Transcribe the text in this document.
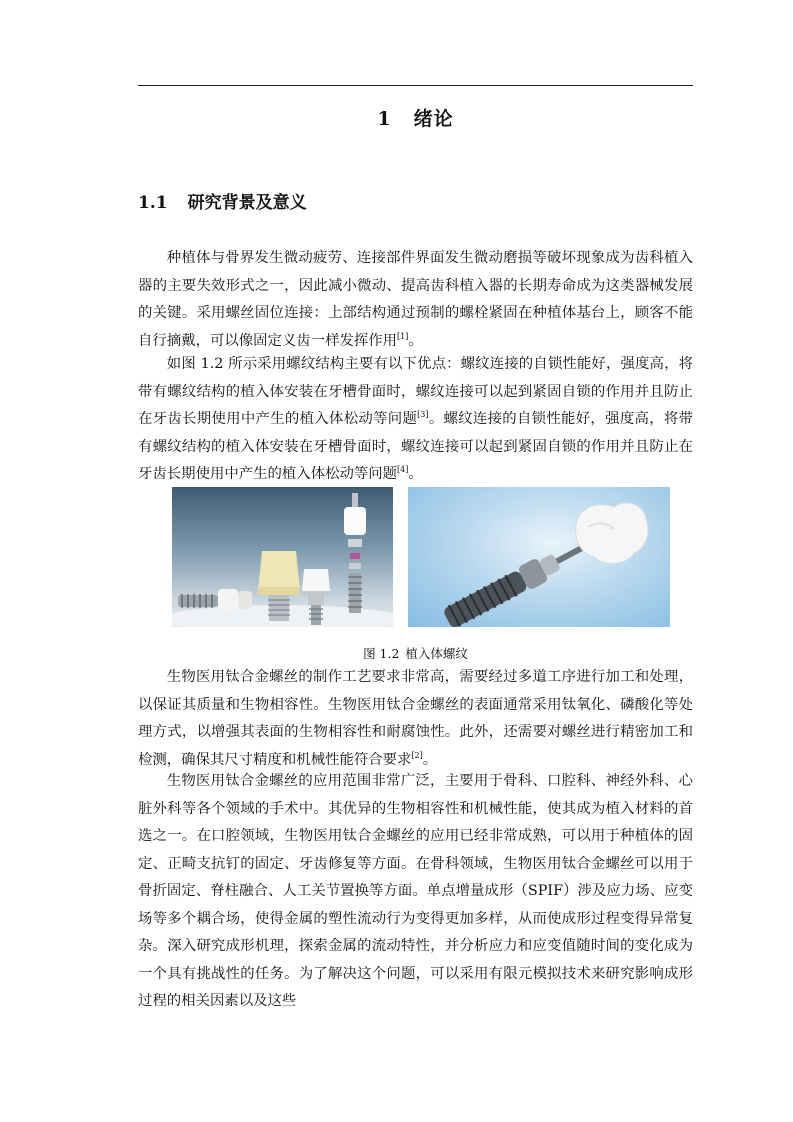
1 绪论
1.1 研究背景及意义

种植体与骨界发生微动疲劳、连接部件界面发生微动磨损等破坏现象成为齿科植入器的主要失效形式之一，因此减小微动、提高齿科植入器的长期寿命成为这类器械发展的关键。采用螺丝固位连接：上部结构通过预制的螺栓紧固在种植体基台上，顾客不能自行摘戴，可以像固定义齿一样发挥作用[1]。

如图 1.2 所示采用螺纹结构主要有以下优点：螺纹连接的自锁性能好，强度高，将带有螺纹结构的植入体安装在牙槽骨面时，螺纹连接可以起到紧固自锁的作用并且防止在牙齿长期使用中产生的植入体松动等问题[3]。螺纹连接的自锁性能好，强度高，将带有螺纹结构的植入体安装在牙槽骨面时，螺纹连接可以起到紧固自锁的作用并且防止在牙齿长期使用中产生的植入体松动等问题[4]。

图 1.2 植入体螺纹

生物医用钛合金螺丝的制作工艺要求非常高，需要经过多道工序进行加工和处理，以保证其质量和生物相容性。生物医用钛合金螺丝的表面通常采用钛氧化、磷酸化等处理方式，以增强其表面的生物相容性和耐腐蚀性。此外，还需要对螺丝进行精密加工和检测，确保其尺寸精度和机械性能符合要求[2]。

生物医用钛合金螺丝的应用范围非常广泛，主要用于骨科、口腔科、神经外科、心脏外科等各个领域的手术中。其优异的生物相容性和机械性能，使其成为植入材料的首选之一。在口腔领域，生物医用钛合金螺丝的应用已经非常成熟，可以用于种植体的固定、正畸支抗钉的固定、牙齿修复等方面。在骨科领域，生物医用钛合金螺丝可以用于骨折固定、脊柱融合、人工关节置换等方面。单点增量成形（SPIF）涉及应力场、应变场等多个耦合场，使得金属的塑性流动行为变得更加多样，从而使成形过程变得异常复杂。深入研究成形机理，探索金属的流动特性，并分析应力和应变值随时间的变化成为一个具有挑战性的任务。为了解决这个问题，可以采用有限元模拟技术来研究影响成形过程的相关因素以及这些
